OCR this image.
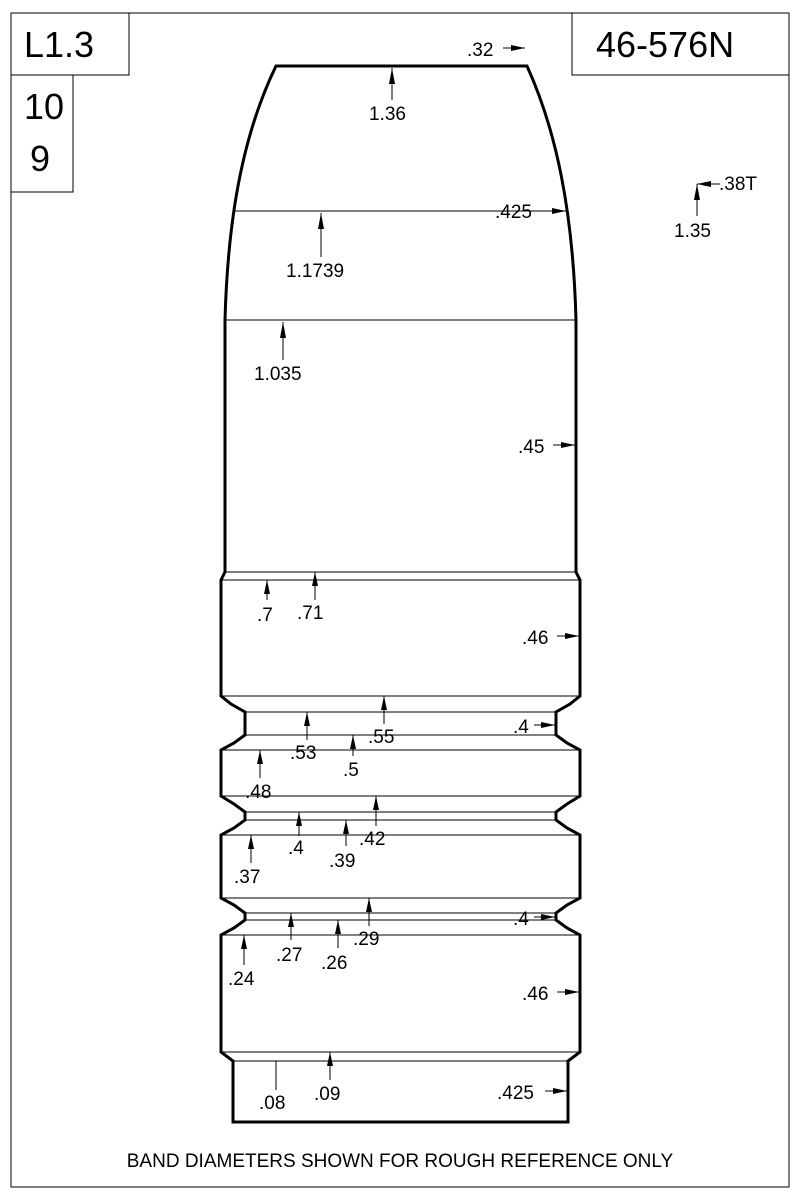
L1.3
10
9
46-576N
.32
1.36
.425
1.1739
.38T
1.35
1.035
.45
.7 .71
.46
.4
.55
.53
.5
.48
.42
.4
.39
.37
.4
.29
.27 .26
.24
.46
.08 .09	.425
BAND DIAMETERS SHOWN FOR ROUGH REFERENCE ONLY
